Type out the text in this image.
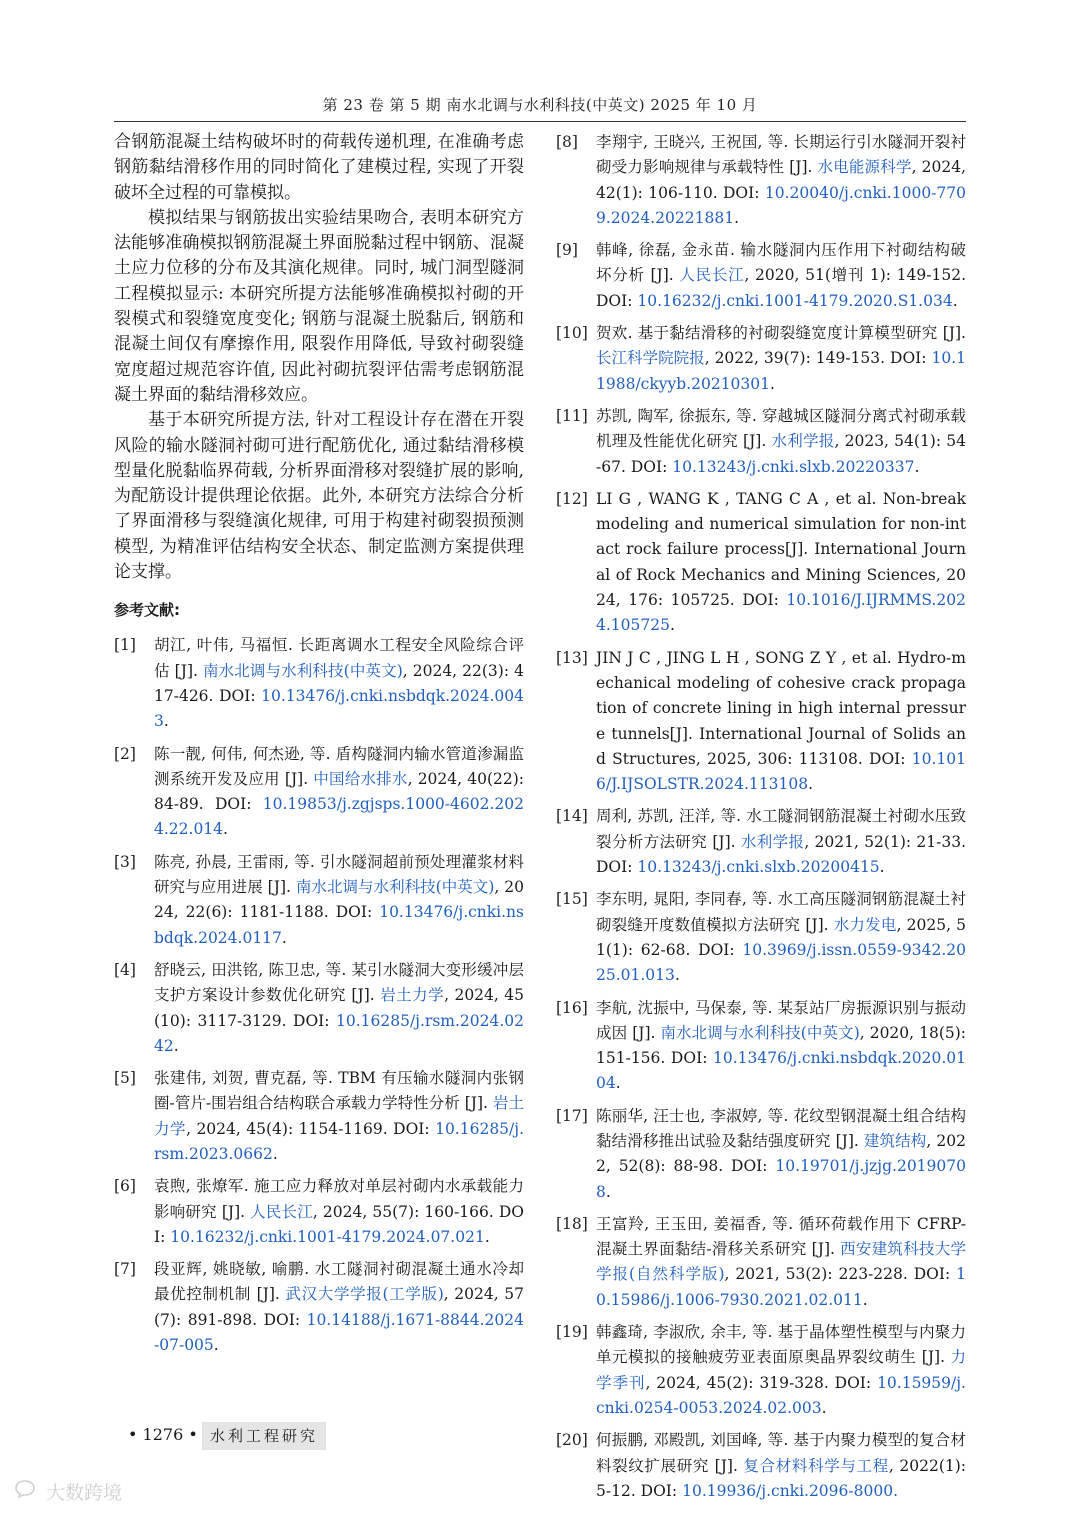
第 23 卷 第 5 期 南水北调与水利科技(中英文) 2025 年 10 月

合钢筋混凝土结构破坏时的荷载传递机理, 在准确考虑钢筋黏结滑移作用的同时简化了建模过程, 实现了开裂破坏全过程的可靠模拟。

模拟结果与钢筋拔出实验结果吻合, 表明本研究方法能够准确模拟钢筋混凝土界面脱黏过程中钢筋、混凝土应力位移的分布及其演化规律。同时, 城门洞型隧洞工程模拟显示: 本研究所提方法能够准确模拟衬砌的开裂模式和裂缝宽度变化; 钢筋与混凝土脱黏后, 钢筋和混凝土间仅有摩擦作用, 限裂作用降低, 导致衬砌裂缝宽度超过规范容许值, 因此衬砌抗裂评估需考虑钢筋混凝土界面的黏结滑移效应。

基于本研究所提方法, 针对工程设计存在潜在开裂风险的输水隧洞衬砌可进行配筋优化, 通过黏结滑移模型量化脱黏临界荷载, 分析界面滑移对裂缝扩展的影响, 为配筋设计提供理论依据。此外, 本研究方法综合分析了界面滑移与裂缝演化规律, 可用于构建衬砌裂损预测模型, 为精准评估结构安全状态、制定监测方案提供理论支撑。

参考文献:
[1]	胡江, 叶伟, 马福恒. 长距离调水工程安全风险综合评估 [J]. 南水北调与水利科技(中英文), 2024, 22(3): 417-426. DOI: 10.13476/j.cnki.nsbdqk.2024.0043.
[2]	陈一靓, 何伟, 何杰逊, 等. 盾构隧洞内输水管道渗漏监测系统开发及应用 [J]. 中国给水排水, 2024, 40(22): 84-89. DOI: 10.19853/j.zgjsps.1000-4602.2024.22.014.
[3]	陈亮, 孙晨, 王雷雨, 等. 引水隧洞超前预处理灌浆材料研究与应用进展 [J]. 南水北调与水利科技(中英文), 2024, 22(6): 1181-1188. DOI: 10.13476/j.cnki.nsbdqk.2024.0117.
[4]	舒晓云, 田洪铭, 陈卫忠, 等. 某引水隧洞大变形缓冲层支护方案设计参数优化研究 [J]. 岩土力学, 2024, 45(10): 3117-3129. DOI: 10.16285/j.rsm.2024.0242.
[5]	张建伟, 刘贺, 曹克磊, 等. TBM 有压输水隧洞内张钢圈-管片-围岩组合结构联合承载力学特性分析 [J]. 岩土力学, 2024, 45(4): 1154-1169. DOI: 10.16285/j.rsm.2023.0662.
[6]	袁煦, 张燎军. 施工应力释放对单层衬砌内水承载能力影响研究 [J]. 人民长江, 2024, 55(7): 160-166. DOI: 10.16232/j.cnki.1001-4179.2024.07.021.
[7]	段亚辉, 姚晓敏, 喻鹏. 水工隧洞衬砌混凝土通水冷却最优控制机制 [J]. 武汉大学学报(工学版), 2024, 57(7): 891-898. DOI: 10.14188/j.1671-8844.2024-07-005.
[8]	李翔宇, 王晓兴, 王祝国, 等. 长期运行引水隧洞开裂衬砌受力影响规律与承载特性 [J]. 水电能源科学, 2024, 42(1): 106-110. DOI: 10.20040/j.cnki.1000-7709.2024.20221881.
[9]	韩峰, 徐磊, 金永苗. 输水隧洞内压作用下衬砌结构破坏分析 [J]. 人民长江, 2020, 51(增刊 1): 149-152. DOI: 10.16232/j.cnki.1001-4179.2020.S1.034.
[10] 贺欢. 基于黏结滑移的衬砌裂缝宽度计算模型研究 [J]. 长江科学院院报, 2022, 39(7): 149-153. DOI: 10.11988/ckyyb.20210301.
[11] 苏凯, 陶军, 徐振东, 等. 穿越城区隧洞分离式衬砌承载机理及性能优化研究 [J]. 水利学报, 2023, 54(1): 54-67. DOI: 10.13243/j.cnki.slxb.20220337.
[12] LI G , WANG K , TANG C A , et al. Non-break modeling and numerical simulation for non-intact rock failure process[J]. International Journal of Rock Mechanics and Mining Sciences, 2024, 176: 105725. DOI: 10.1016/J.IJRMMS.2024.105725.
[13] JIN J C , JING L H , SONG Z Y , et al. Hydro-mechanical modeling of cohesive crack propagation of concrete lining in high internal pressure tunnels[J]. International Journal of Solids and Structures, 2025, 306: 113108. DOI: 10.1016/J.IJSOLSTR.2024.113108.
[14] 周利, 苏凯, 汪洋, 等. 水工隧洞钢筋混凝土衬砌水压致裂分析方法研究 [J]. 水利学报, 2021, 52(1): 21-33. DOI: 10.13243/j.cnki.slxb.20200415.
[15] 李东明, 晁阳, 李同春, 等. 水工高压隧洞钢筋混凝土衬砌裂缝开度数值模拟方法研究 [J]. 水力发电, 2025, 51(1): 62-68. DOI: 10.3969/j.issn.0559-9342.2025.01.013.
[16] 李航, 沈振中, 马保泰, 等. 某泵站厂房振源识别与振动成因 [J]. 南水北调与水利科技(中英文), 2020, 18(5): 151-156. DOI: 10.13476/j.cnki.nsbdqk.2020.0104.
[17] 陈丽华, 汪士也, 李淑婷, 等. 花纹型钢混凝土组合结构黏结滑移推出试验及黏结强度研究 [J]. 建筑结构, 2022, 52(8): 88-98. DOI: 10.19701/j.jzjg.20190708.
[18] 王富羚, 王玉田, 姜福香, 等. 循环荷载作用下 CFRP-混凝土界面黏结-滑移关系研究 [J]. 西安建筑科技大学学报(自然科学版), 2021, 53(2): 223-228. DOI: 10.15986/j.1006-7930.2021.02.011.
[19] 韩鑫琦, 李淑欣, 余丰, 等. 基于晶体塑性模型与内聚力单元模拟的接触疲劳亚表面原奥晶界裂纹萌生 [J]. 力学季刊, 2024, 45(2): 319-328. DOI: 10.15959/j.cnki.0254-0053.2024.02.003.
[20] 何振鹏, 邓殿凯, 刘国峰, 等. 基于内聚力模型的复合材料裂纹扩展研究 [J]. 复合材料科学与工程, 2022(1): 5-12. DOI: 10.19936/j.cnki.2096-8000.
• 1276 • 水利工程研究
大数跨境
